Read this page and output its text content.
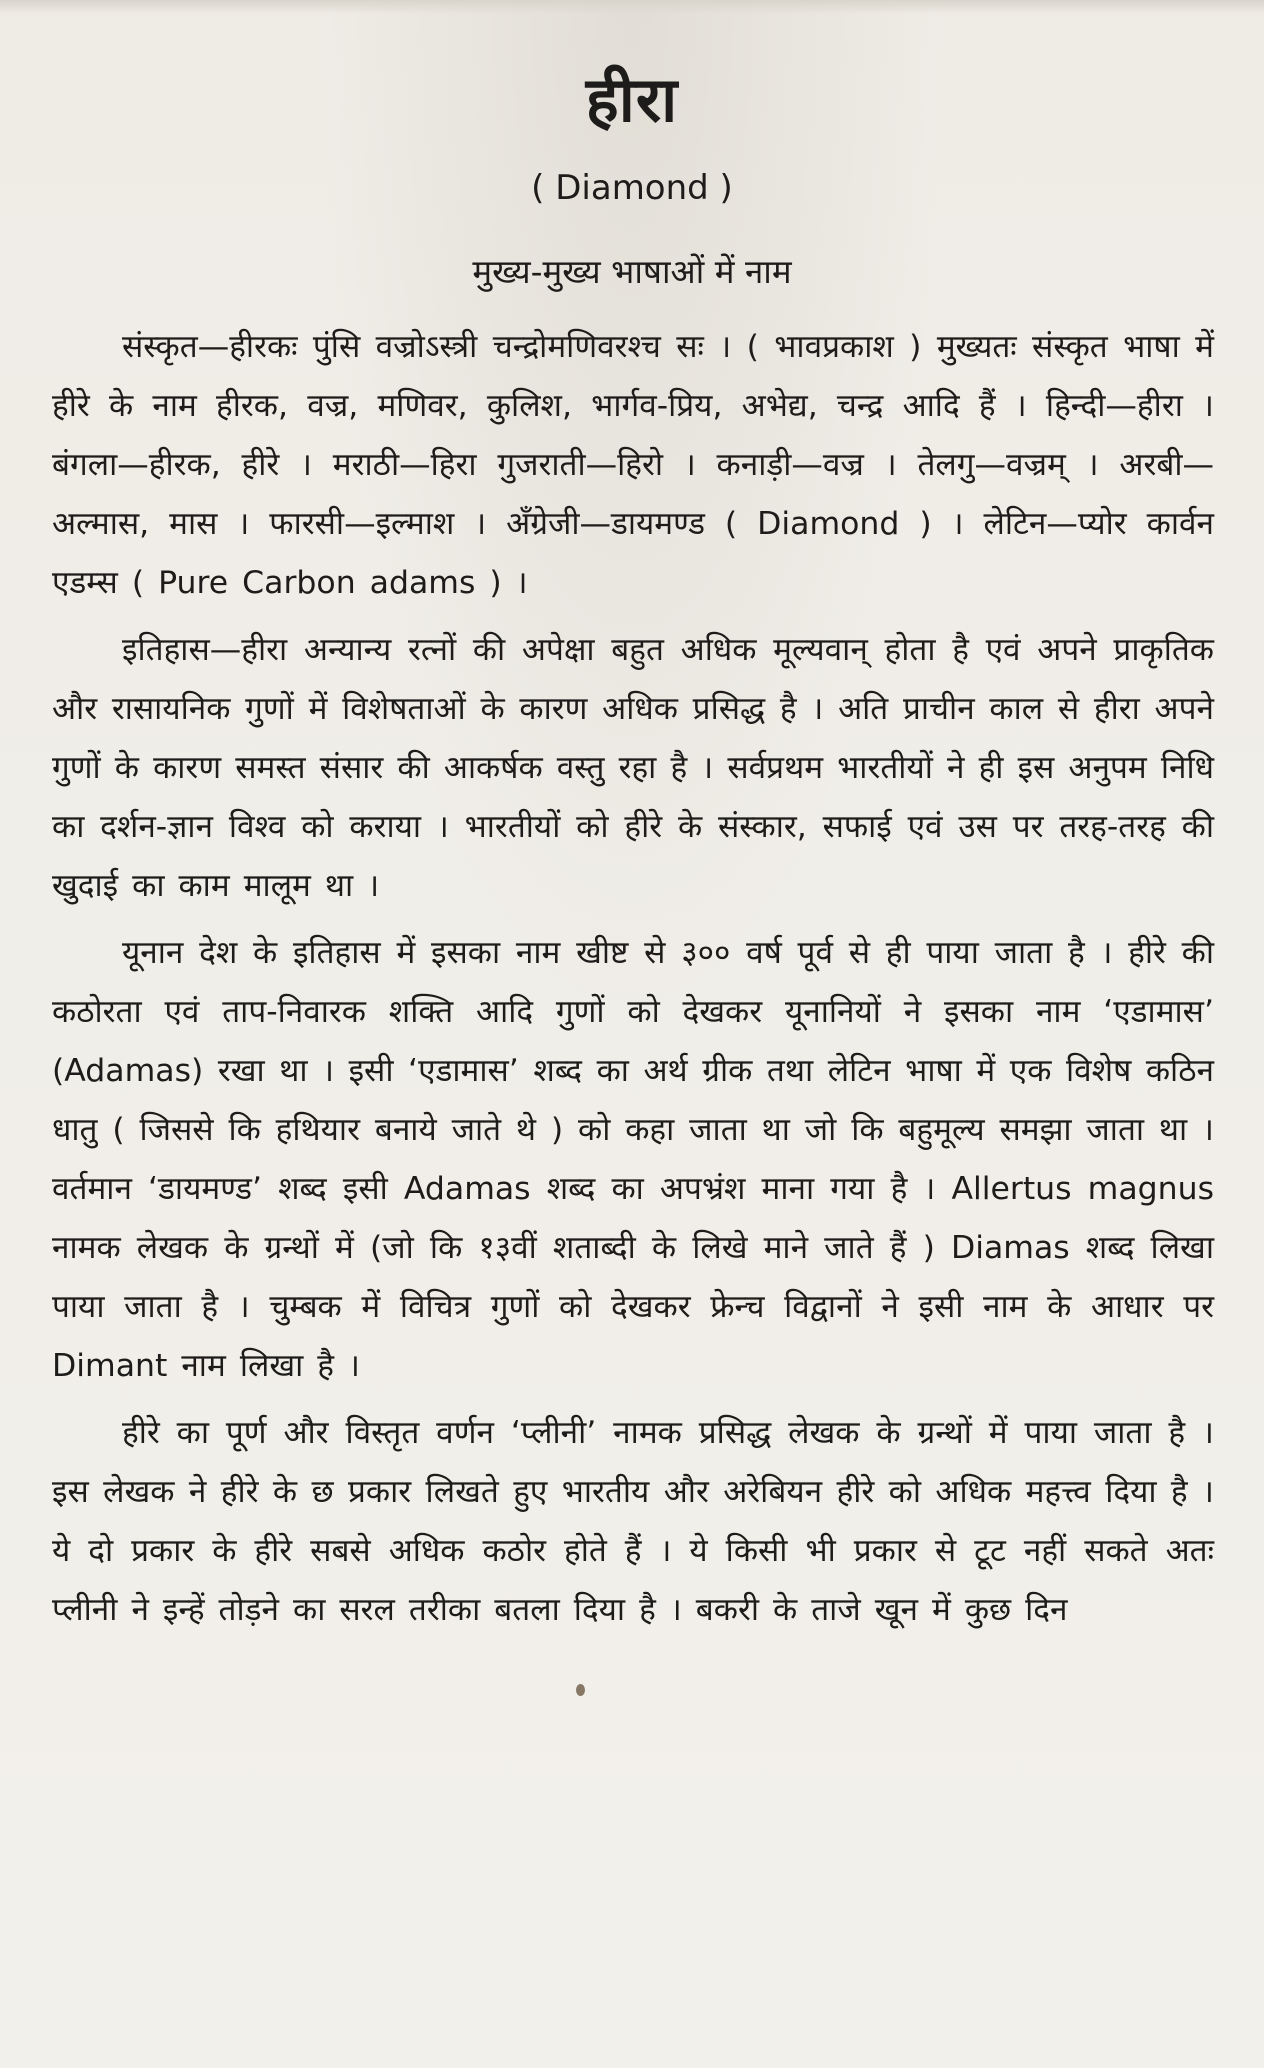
हीरा
( Diamond )
मुख्य-मुख्य भाषाओं में नाम

संस्कृत—हीरकः पुंसि वज्रोऽस्त्री चन्द्रोमणिवरश्च सः । ( भावप्रकाश ) मुख्यतः संस्कृत भाषा में हीरे के नाम हीरक, वज्र, मणिवर, कुलिश, भार्गव-प्रिय, अभेद्य, चन्द्र आदि हैं । हिन्दी—हीरा । बंगला—हीरक, हीरे । मराठी—हिरा गुजराती—हिरो । कनाड़ी—वज्र । तेलगु—वज्रम् । अरबी—अल्मास, मास । फारसी—इल्माश । अँग्रेजी—डायमण्ड ( Diamond ) । लेटिन—प्योर कार्वन एडम्स ( Pure Carbon adams ) ।

इतिहास—हीरा अन्यान्य रत्नों की अपेक्षा बहुत अधिक मूल्यवान् होता है एवं अपने प्राकृतिक और रासायनिक गुणों में विशेषताओं के कारण अधिक प्रसिद्ध है । अति प्राचीन काल से हीरा अपने गुणों के कारण समस्त संसार की आकर्षक वस्तु रहा है । सर्वप्रथम भारतीयों ने ही इस अनुपम निधि का दर्शन-ज्ञान विश्व को कराया । भारतीयों को हीरे के संस्कार, सफाई एवं उस पर तरह-तरह की खुदाई का काम मालूम था ।

यूनान देश के इतिहास में इसका नाम खीष्ट से ३०० वर्ष पूर्व से ही पाया जाता है । हीरे की कठोरता एवं ताप-निवारक शक्ति आदि गुणों को देखकर यूनानियों ने इसका नाम ‘एडामास’ (Adamas) रखा था । इसी ‘एडामास’ शब्द का अर्थ ग्रीक तथा लेटिन भाषा में एक विशेष कठिन धातु ( जिससे कि हथियार बनाये जाते थे ) को कहा जाता था जो कि बहुमूल्य समझा जाता था । वर्तमान ‘डायमण्ड’ शब्द इसी Adamas शब्द का अपभ्रंश माना गया है । Allertus magnus नामक लेखक के ग्रन्थों में (जो कि १३वीं शताब्दी के लिखे माने जाते हैं ) Diamas शब्द लिखा पाया जाता है । चुम्बक में विचित्र गुणों को देखकर फ्रेन्च विद्वानों ने इसी नाम के आधार पर Dimant नाम लिखा है ।

हीरे का पूर्ण और विस्तृत वर्णन ‘प्लीनी’ नामक प्रसिद्ध लेखक के ग्रन्थों में पाया जाता है । इस लेखक ने हीरे के छ प्रकार लिखते हुए भारतीय और अरेबियन हीरे को अधिक महत्त्व दिया है । ये दो प्रकार के हीरे सबसे अधिक कठोर होते हैं । ये किसी भी प्रकार से टूट नहीं सकते अतः प्लीनी ने इन्हें तोड़ने का सरल तरीका बतला दिया है । बकरी के ताजे खून में कुछ दिन
